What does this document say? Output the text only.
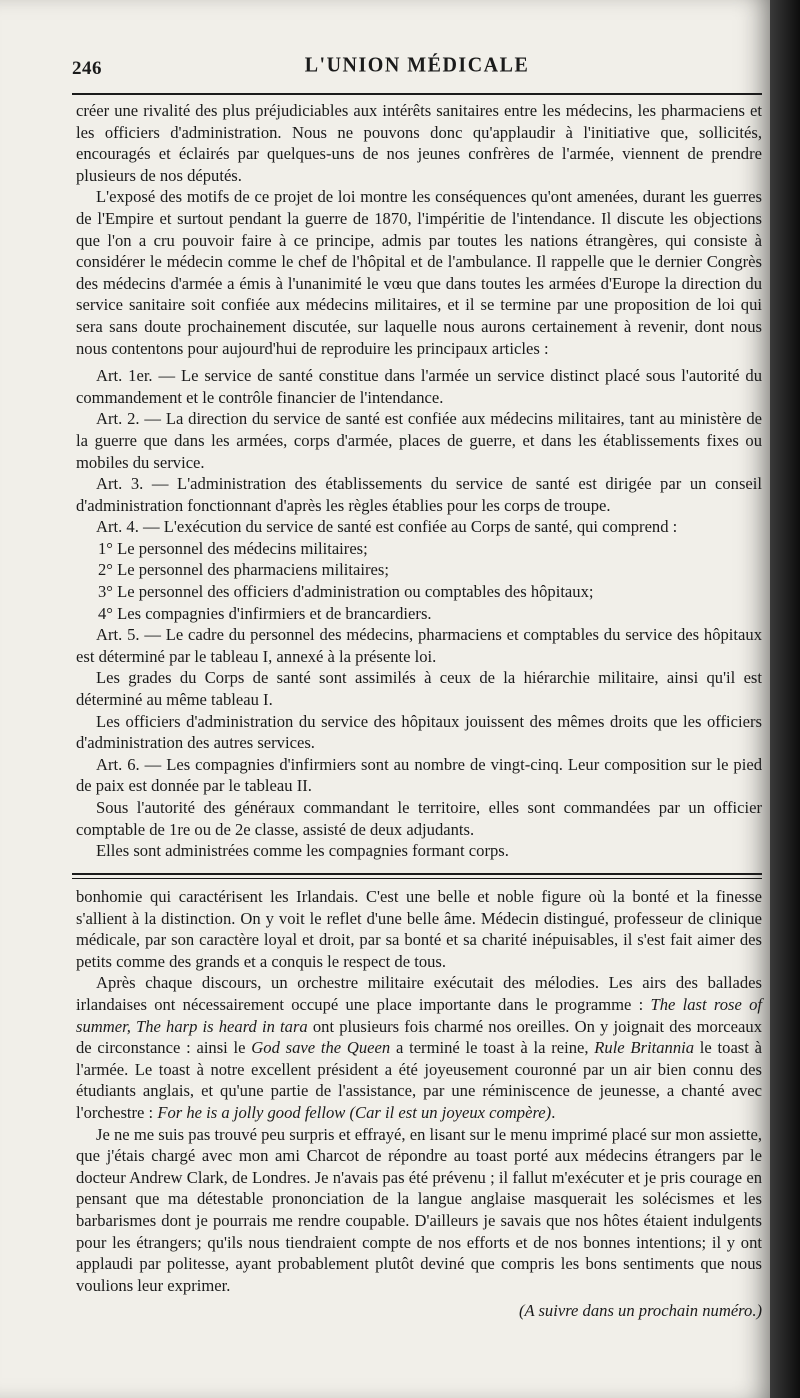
246	L'UNION MÉDICALE

créer une rivalité des plus préjudiciables aux intérêts sanitaires entre les médecins, les pharmaciens et les officiers d'administration. Nous ne pouvons donc qu'applaudir à l'initiative que, sollicités, encouragés et éclairés par quelques-uns de nos jeunes confrères de l'armée, viennent de prendre plusieurs de nos députés.

L'exposé des motifs de ce projet de loi montre les conséquences qu'ont amenées, durant les guerres de l'Empire et surtout pendant la guerre de 1870, l'impéritie de l'intendance. Il discute les objections que l'on a cru pouvoir faire à ce principe, admis par toutes les nations étrangères, qui consiste à considérer le médecin comme le chef de l'hôpital et de l'ambulance. Il rappelle que le dernier Congrès des médecins d'armée a émis à l'unanimité le vœu que dans toutes les armées d'Europe la direction du service sanitaire soit confiée aux médecins militaires, et il se termine par une proposition de loi qui sera sans doute prochainement discutée, sur laquelle nous aurons certainement à revenir, dont nous nous contentons pour aujourd'hui de reproduire les principaux articles :

Art. 1er. — Le service de santé constitue dans l'armée un service distinct placé sous l'autorité du commandement et le contrôle financier de l'intendance.

Art. 2. — La direction du service de santé est confiée aux médecins militaires, tant au ministère de la guerre que dans les armées, corps d'armée, places de guerre, et dans les établissements fixes ou mobiles du service.

Art. 3. — L'administration des établissements du service de santé est dirigée par un conseil d'administration fonctionnant d'après les règles établies pour les corps de troupe.

Art. 4. — L'exécution du service de santé est confiée au Corps de santé, qui comprend :

1° Le personnel des médecins militaires;

2° Le personnel des pharmaciens militaires;

3° Le personnel des officiers d'administration ou comptables des hôpitaux;

4° Les compagnies d'infirmiers et de brancardiers.

Art. 5. — Le cadre du personnel des médecins, pharmaciens et comptables du service des hôpitaux est déterminé par le tableau I, annexé à la présente loi.

Les grades du Corps de santé sont assimilés à ceux de la hiérarchie militaire, ainsi qu'il est déterminé au même tableau I.

Les officiers d'administration du service des hôpitaux jouissent des mêmes droits que les officiers d'administration des autres services.

Art. 6. — Les compagnies d'infirmiers sont au nombre de vingt-cinq. Leur composition sur le pied de paix est donnée par le tableau II.

Sous l'autorité des généraux commandant le territoire, elles sont commandées par un officier comptable de 1re ou de 2e classe, assisté de deux adjudants.

Elles sont administrées comme les compagnies formant corps.

bonhomie qui caractérisent les Irlandais. C'est une belle et noble figure où la bonté et la finesse s'allient à la distinction. On y voit le reflet d'une belle âme. Médecin distingué, professeur de clinique médicale, par son caractère loyal et droit, par sa bonté et sa charité inépuisables, il s'est fait aimer des petits comme des grands et a conquis le respect de tous.

Après chaque discours, un orchestre militaire exécutait des mélodies. Les airs des ballades irlandaises ont nécessairement occupé une place importante dans le programme : The last rose of summer, The harp is heard in tara ont plusieurs fois charmé nos oreilles. On y joignait des morceaux de circonstance : ainsi le God save the Queen a terminé le toast à la reine, Rule Britannia le toast à l'armée. Le toast à notre excellent président a été joyeusement couronné par un air bien connu des étudiants anglais, et qu'une partie de l'assistance, par une réminiscence de jeunesse, a chanté avec l'orchestre : For he is a jolly good fellow (Car il est un joyeux compère).

Je ne me suis pas trouvé peu surpris et effrayé, en lisant sur le menu imprimé placé sur mon assiette, que j'étais chargé avec mon ami Charcot de répondre au toast porté aux médecins étrangers par le docteur Andrew Clark, de Londres. Je n'avais pas été prévenu ; il fallut m'exécuter et je pris courage en pensant que ma détestable prononciation de la langue anglaise masquerait les solécismes et les barbarismes dont je pourrais me rendre coupable. D'ailleurs je savais que nos hôtes étaient indulgents pour les étrangers; qu'ils nous tiendraient compte de nos efforts et de nos bonnes intentions; il y ont applaudi par politesse, ayant probablement plutôt deviné que compris les bons sentiments que nous voulions leur exprimer.

(A suivre dans un prochain numéro.)
